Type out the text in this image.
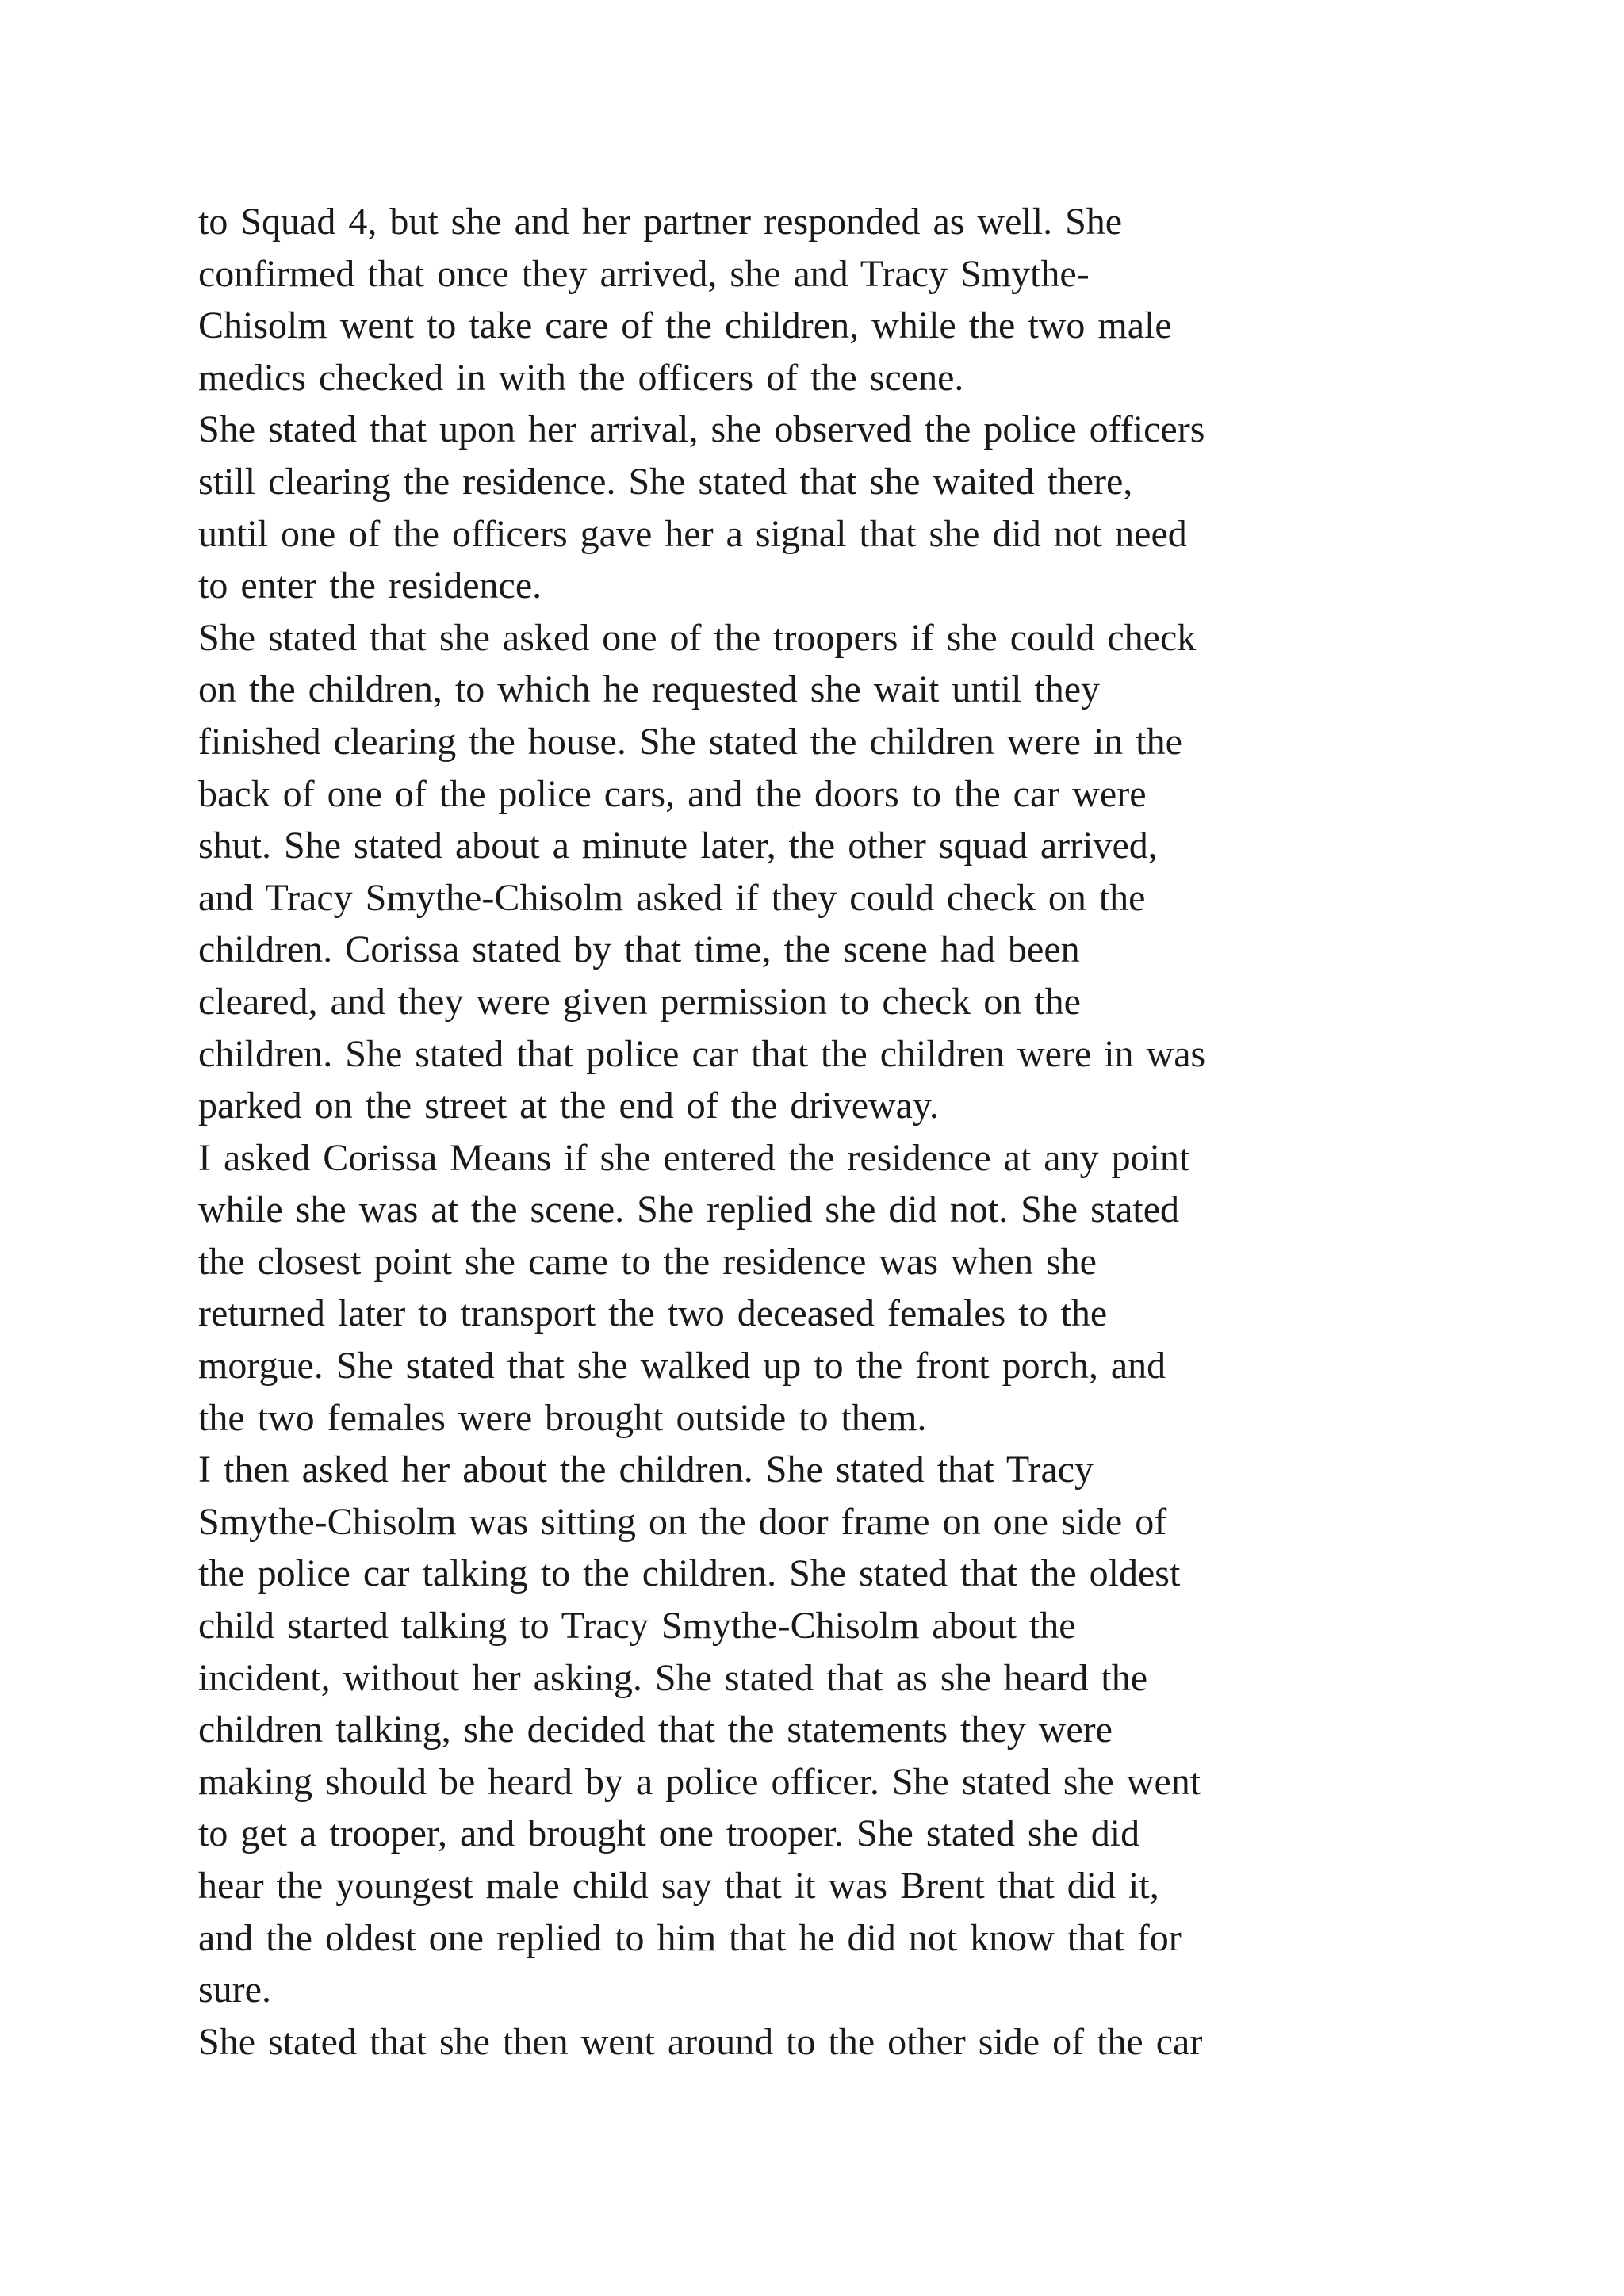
to Squad 4, but she and her partner responded as well. She
confirmed that once they arrived, she and Tracy Smythe-
Chisolm went to take care of the children, while the two male
medics checked in with the officers of the scene.
She stated that upon her arrival, she observed the police officers
still clearing the residence. She stated that she waited there,
until one of the officers gave her a signal that she did not need
to enter the residence.
She stated that she asked one of the troopers if she could check
on the children, to which he requested she wait until they
finished clearing the house. She stated the children were in the
back of one of the police cars, and the doors to the car were
shut. She stated about a minute later, the other squad arrived,
and Tracy Smythe-Chisolm asked if they could check on the
children. Corissa stated by that time, the scene had been
cleared, and they were given permission to check on the
children. She stated that police car that the children were in was
parked on the street at the end of the driveway.
I asked Corissa Means if she entered the residence at any point
while she was at the scene. She replied she did not. She stated
the closest point she came to the residence was when she
returned later to transport the two deceased females to the
morgue. She stated that she walked up to the front porch, and
the two females were brought outside to them.
I then asked her about the children. She stated that Tracy
Smythe-Chisolm was sitting on the door frame on one side of
the police car talking to the children. She stated that the oldest
child started talking to Tracy Smythe-Chisolm about the
incident, without her asking. She stated that as she heard the
children talking, she decided that the statements they were
making should be heard by a police officer. She stated she went
to get a trooper, and brought one trooper. She stated she did
hear the youngest male child say that it was Brent that did it,
and the oldest one replied to him that he did not know that for
sure.
She stated that she then went around to the other side of the car
